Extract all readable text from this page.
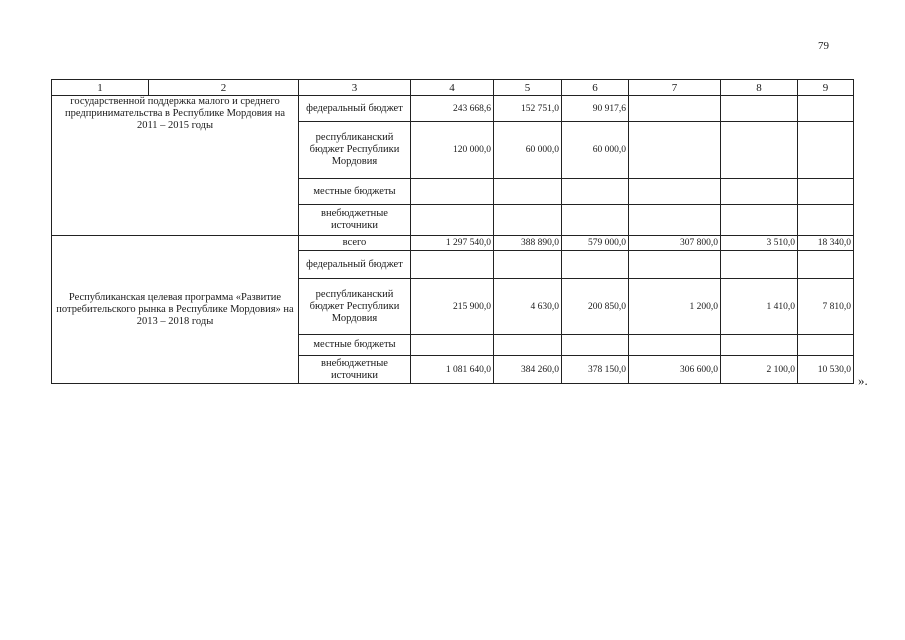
79
1	2	3	4	5	6	7	8	9
государственной поддержка малого и среднего предпринимательства в Республике Мордовия на 2011 – 2015 годы		федеральный бюджет	243 668,6	152 751,0	90 917,6			
		республиканский бюджет Республики Мордовия	120 000,0	60 000,0	60 000,0			
		местные бюджеты						
		внебюджетные источники						
Республиканская целевая программа «Развитие потребительского рынка в Республике Мордовия» на 2013 – 2018 годы		всего	1 297 540,0	388 890,0	579 000,0	307 800,0	3 510,0	18 340,0
		федеральный бюджет						
		республиканский бюджет Республики Мордовия	215 900,0	4 630,0	200 850,0	1 200,0	1 410,0	7 810,0
		местные бюджеты						
		внебюджетные источники	1 081 640,0	384 260,0	378 150,0	306 600,0	2 100,0	10 530,0
».
